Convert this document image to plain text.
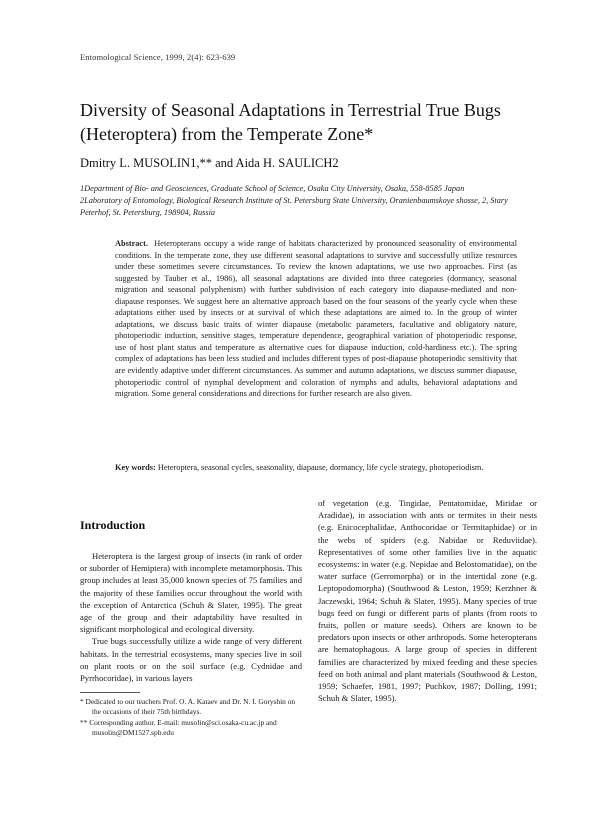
Entomological Science, 1999, 2(4): 623-639
Diversity of Seasonal Adaptations in Terrestrial True Bugs (Heteroptera) from the Temperate Zone*
Dmitry L. MUSOLIN1,** and Aida H. SAULICH2

1Department of Bio- and Geosciences, Graduate School of Science, Osaka City University, Osaka, 558-8585 Japan

2Laboratory of Entomology, Biological Research Institute of St. Petersburg State University, Oranienbaumskoye shosse, 2, Stary Peterhof, St. Petersburg, 198904, Russia

Abstract. Heteropterans occupy a wide range of habitats characterized by pronounced seasonality of environmental conditions. In the temperate zone, they use different seasonal adaptations to survive and successfully utilize resources under these sometimes severe circumstances. To review the known adaptations, we use two approaches. First (as suggested by Tauber et al., 1986), all seasonal adaptations are divided into three categories (dormancy, seasonal migration and seasonal polyphenism) with further subdivision of each category into diapause-mediated and non-diapause responses. We suggest here an alternative approach based on the four seasons of the yearly cycle when these adaptations either used by insects or at survival of which these adaptations are aimed to. In the group of winter adaptations, we discuss basic traits of winter diapause (metabolic parameters, facultative and obligatory nature, photoperiodic induction, sensitive stages, temperature dependence, geographical variation of photoperiodic response, use of host plant status and temperature as alternative cues for diapause induction, cold-hardiness etc.). The spring complex of adaptations has been less studied and includes different types of post-diapause photoperiodic sensitivity that are evidently adaptive under different circumstances. As summer and autumn adaptations, we discuss summer diapause, photoperiodic control of nymphal development and coloration of nymphs and adults, behavioral adaptations and migration. Some general considerations and directions for further research are also given.

Key words: Heteroptera, seasonal cycles, seasonality, diapause, dormancy, life cycle strategy, photoperiodism.

Introduction

Heteroptera is the largest group of insects (in rank of order or suborder of Hemiptera) with incomplete metamorphosis. This group includes at least 35,000 known species of 75 families and the majority of these families occur throughout the world with the exception of Antarctica (Schuh & Slater, 1995). The great age of the group and their adaptability have resulted in significant morphological and ecological diversity.

True bugs successfully utilize a wide range of very different habitats. In the terrestrial ecosystems, many species live in soil on plant roots or on the soil surface (e.g. Cydnidae and Pyrrhocoridae), in various layers

* Dedicated to our teachers Prof. O. A. Kataev and Dr. N. I. Goryshin on the occasions of their 75th birthdays.

** Corresponding author. E-mail: musolin@sci.osaka-cu.ac.jp and musolin@DM1527.spb.edu

of vegetation (e.g. Tingidae, Pentatomidae, Miridae or Aradidae), in association with ants or termites in their nests (e.g. Enicocephalidae, Anthocoridae or Termitaphidae) or in the webs of spiders (e.g. Nabidae or Reduviidae). Representatives of some other families live in the aquatic ecosystems: in water (e.g. Nepidae and Belostomatidae), on the water surface (Gerromorpha) or in the intertidal zone (e.g. Leptopodomorpha) (Southwood & Leston, 1959; Kerzhner & Jaczewski, 1964; Schuh & Slater, 1995). Many species of true bugs feed on fungi or different parts of plants (from roots to fruits, pollen or mature seeds). Others are known to be predators upon insects or other arthropods. Some heteropterans are hematophagous. A large group of species in different families are characterized by mixed feeding and these species feed on both animal and plant materials (Southwood & Leston, 1959; Schaefer, 1981, 1997; Puchkov, 1987; Dolling, 1991; Schuh & Slater, 1995).
